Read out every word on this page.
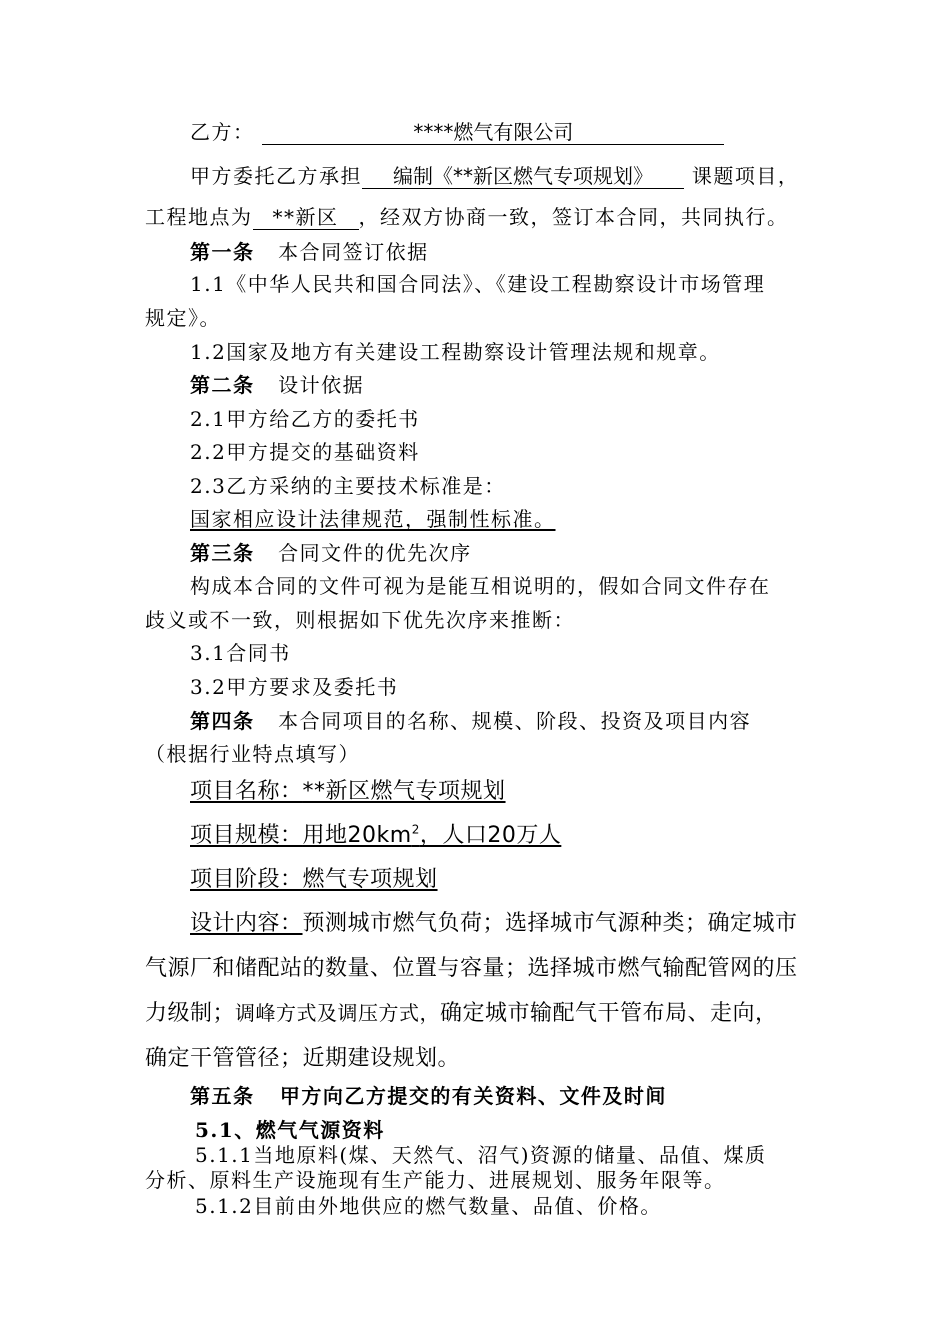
乙方：	****燃气有限公司
甲方委托乙方承担 编制《**新区燃气专项规划》 课题项目，
工程地点为 **新区 ，经双方协商一致，签订本合同，共同执行。
第一条 本合同签订依据
1.1《中华人民共和国合同法》、《建设工程勘察设计市场管理
规定》。
1.2国家及地方有关建设工程勘察设计管理法规和规章。
第二条 设计依据
2.1甲方给乙方的委托书
2.2甲方提交的基础资料
2.3乙方采纳的主要技术标准是：
国家相应设计法律规范，强制性标准。
第三条 合同文件的优先次序
构成本合同的文件可视为是能互相说明的，假如合同文件存在
歧义或不一致，则根据如下优先次序来推断：
3.1合同书
3.2甲方要求及委托书
第四条 本合同项目的名称、规模、阶段、投资及项目内容
（根据行业特点填写）
项目名称：**新区燃气专项规划
项目规模：用地$20km^2$，人口20万人
项目阶段：燃气专项规划
设计内容：预测城市燃气负荷；选择城市气源种类；确定城市
气源厂和储配站的数量、位置与容量；选择城市燃气输配管网的压
力级制；调峰方式及调压方式，确定城市输配气干管布局、走向，
确定干管管径；近期建设规划。
第五条 甲方向乙方提交的有关资料、文件及时间
5.1、燃气气源资料
5.1.1当地原料(煤、天然气、沼气)资源的储量、品值、煤质
分析、原料生产设施现有生产能力、进展规划、服务年限等。
5.1.2目前由外地供应的燃气数量、品值、价格。
